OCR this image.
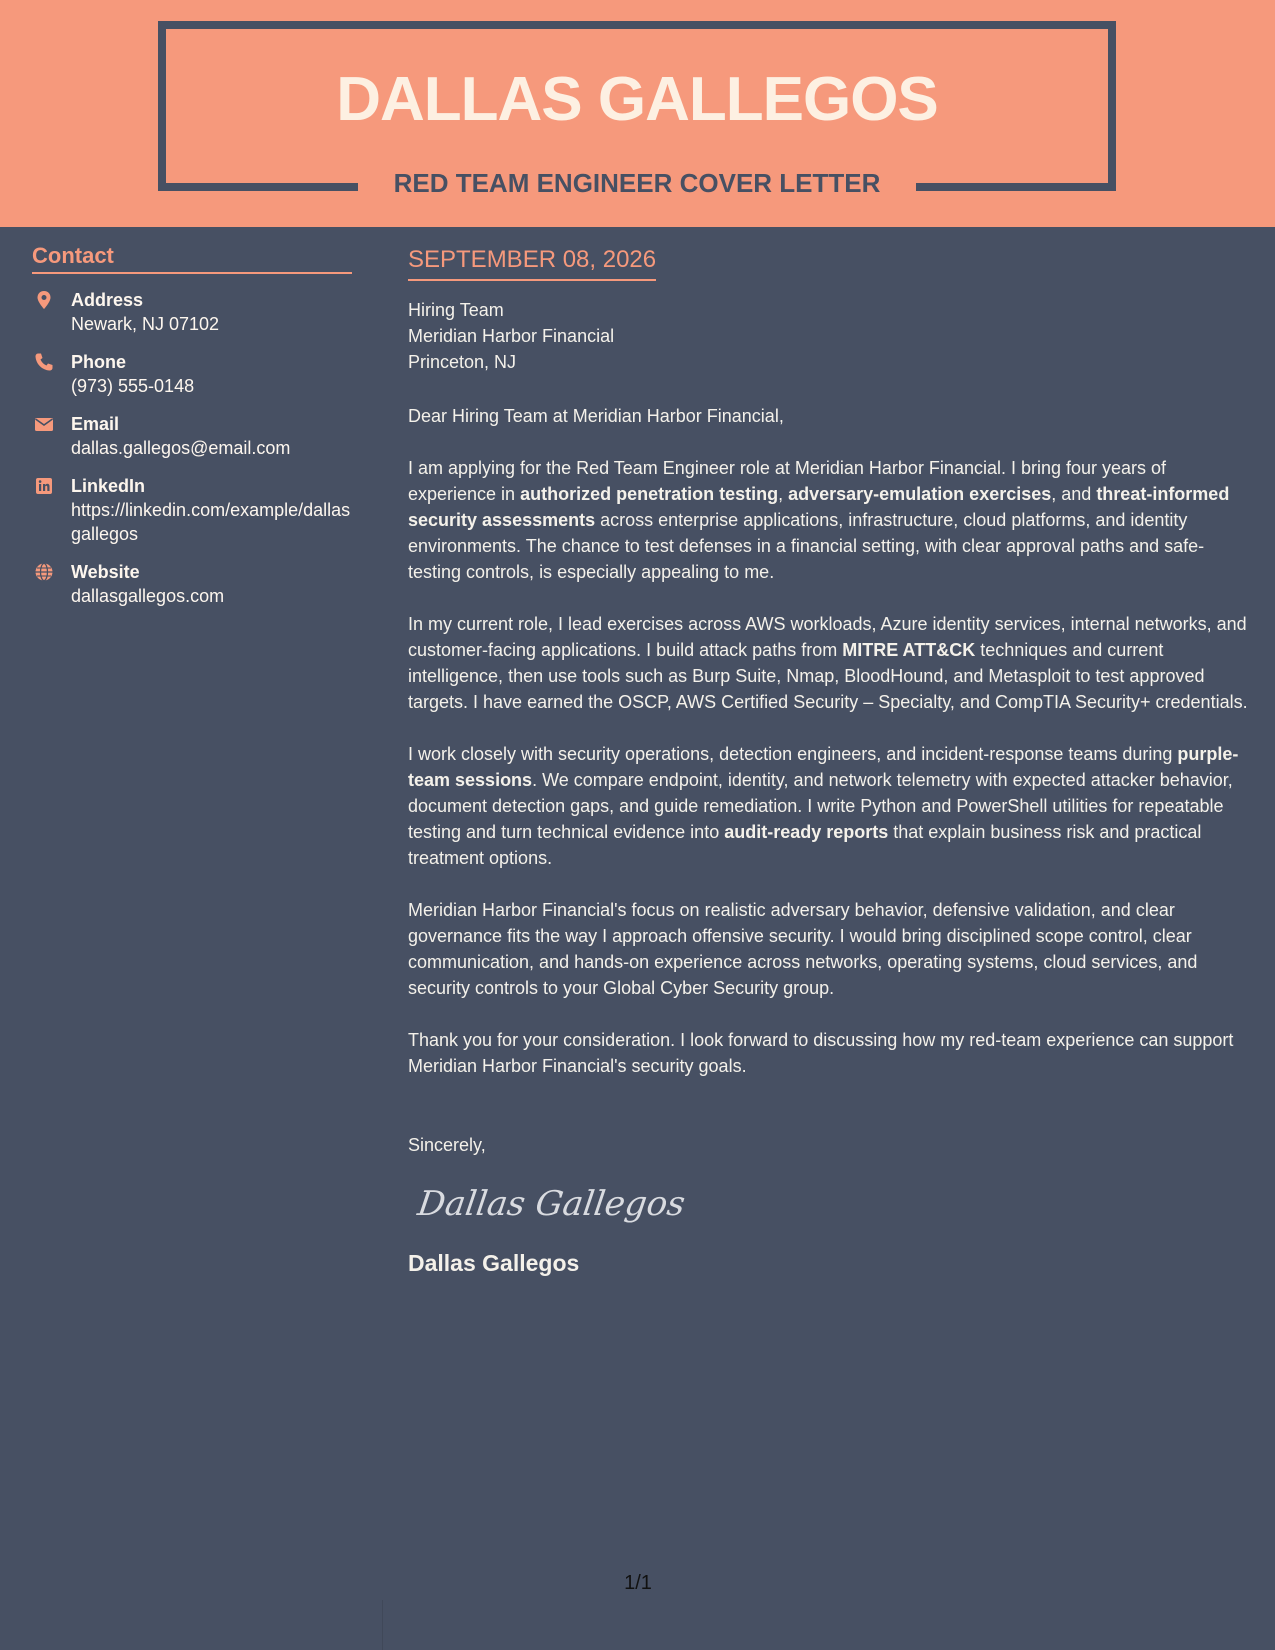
DALLAS GALLEGOS
RED TEAM ENGINEER COVER LETTER
Contact
Address
Newark, NJ 07102
Phone
(973) 555-0148
Email
dallas.gallegos@email.com
LinkedIn
https://linkedin.com/example/dallasgallegos
Website
dallasgallegos.com
SEPTEMBER 08, 2026
Hiring Team
Meridian Harbor Financial
Princeton, NJ

Dear Hiring Team at Meridian Harbor Financial,

I am applying for the Red Team Engineer role at Meridian Harbor Financial. I bring four years of experience in authorized penetration testing, adversary-emulation exercises, and threat-informed security assessments across enterprise applications, infrastructure, cloud platforms, and identity environments. The chance to test defenses in a financial setting, with clear approval paths and safe-testing controls, is especially appealing to me.

In my current role, I lead exercises across AWS workloads, Azure identity services, internal networks, and customer-facing applications. I build attack paths from MITRE ATT&CK techniques and current intelligence, then use tools such as Burp Suite, Nmap, BloodHound, and Metasploit to test approved targets. I have earned the OSCP, AWS Certified Security – Specialty, and CompTIA Security+ credentials.

I work closely with security operations, detection engineers, and incident-response teams during purple-team sessions. We compare endpoint, identity, and network telemetry with expected attacker behavior, document detection gaps, and guide remediation. I write Python and PowerShell utilities for repeatable testing and turn technical evidence into audit-ready reports that explain business risk and practical treatment options.

Meridian Harbor Financial's focus on realistic adversary behavior, defensive validation, and clear governance fits the way I approach offensive security. I would bring disciplined scope control, clear communication, and hands-on experience across networks, operating systems, cloud services, and security controls to your Global Cyber Security group.

Thank you for your consideration. I look forward to discussing how my red-team experience can support Meridian Harbor Financial's security goals.

Sincerely,

Dallas Gallegos
Dallas Gallegos
1/1
